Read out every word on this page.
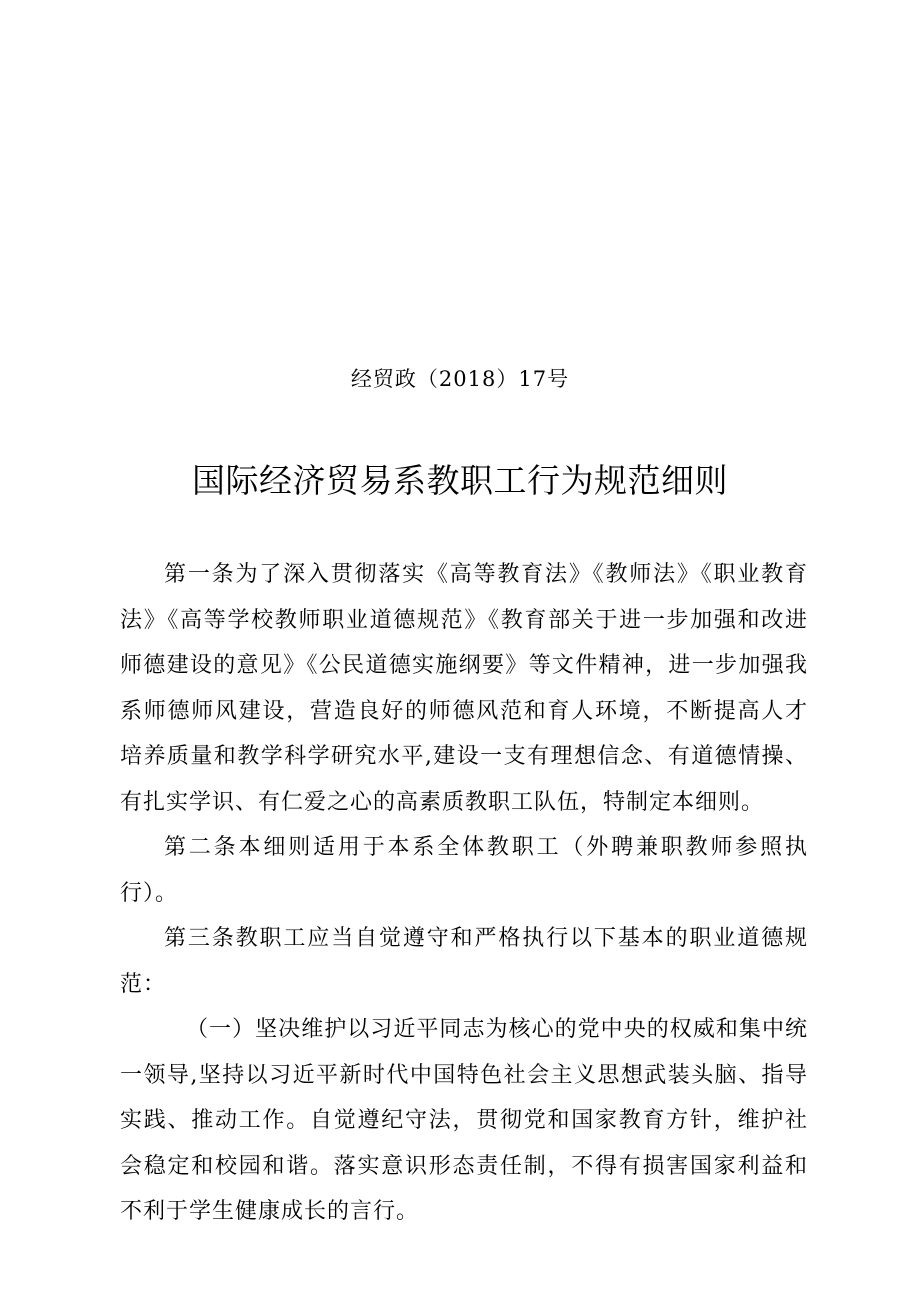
经贸政（2018）17号
国际经济贸易系教职工行为规范细则

第一条为了深入贯彻落实《高等教育法》《教师法》《职业教育法》《高等学校教师职业道德规范》《教育部关于进一步加强和改进师德建设的意见》《公民道德实施纲要》等文件精神，进一步加强我系师德师风建设，营造良好的师德风范和育人环境，不断提高人才培养质量和教学科学研究水平,建设一支有理想信念、有道德情操、有扎实学识、有仁爱之心的高素质教职工队伍，特制定本细则。

第二条本细则适用于本系全体教职工（外聘兼职教师参照执行）。

第三条教职工应当自觉遵守和严格执行以下基本的职业道德规范：

（一）坚决维护以习近平同志为核心的党中央的权威和集中统一领导,坚持以习近平新时代中国特色社会主义思想武装头脑、指导实践、推动工作。自觉遵纪守法，贯彻党和国家教育方针，维护社会稳定和校园和谐。落实意识形态责任制，不得有损害国家利益和不利于学生健康成长的言行。
